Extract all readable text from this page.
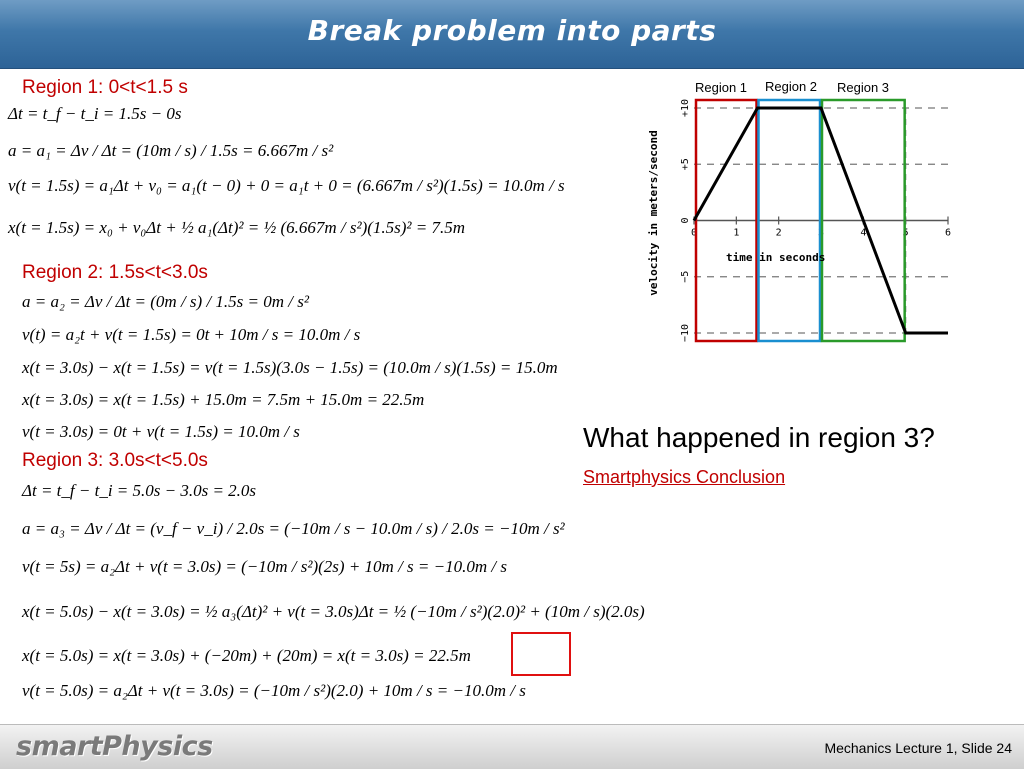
Break problem into parts
Region 1: 0<t<1.5 s
Δt = t_f − t_i = 1.5s − 0s
a = a₁ = Δv / Δt = (10m / s) / 1.5s = 6.667m / s²
v(t = 1.5s) = a₁Δt + v₀ = a₁(t − 0) + 0 = a₁t + 0 = (6.667m / s²)(1.5s) = 10.0m / s
x(t = 1.5s) = x₀ + v₀Δt + ½ a₁(Δt)² = ½ (6.667m / s²)(1.5s)² = 7.5m
Region 2: 1.5s<t<3.0s
a = a₂ = Δv / Δt = (0m / s) / 1.5s = 0m / s²
v(t) = a₂t + v(t = 1.5s) = 0t + 10m / s = 10.0m / s
x(t = 3.0s) − x(t = 1.5s) = v(t = 1.5s)(3.0s − 1.5s) = (10.0m / s)(1.5s) = 15.0m
x(t = 3.0s) = x(t = 1.5s) + 15.0m = 7.5m + 15.0m = 22.5m
v(t = 3.0s) = 0t + v(t = 1.5s) = 10.0m / s
Region 3: 3.0s<t<5.0s
Δt = t_f − t_i = 5.0s − 3.0s = 2.0s
a = a₃ = Δv / Δt = (v_f − v_i) / 2.0s = (−10m / s − 10.0m / s) / 2.0s = −10m / s²
v(t = 5s) = a₂Δt + v(t = 3.0s) = (−10m / s²)(2s) + 10m / s = −10.0m / s
x(t = 5.0s) − x(t = 3.0s) = ½ a₃(Δt)² + v(t = 3.0s)Δt = ½ (−10m / s²)(2.0)² + (10m / s)(2.0s)
x(t = 5.0s) = x(t = 3.0s) + (−20m) + (20m) = x(t = 3.0s) = 22.5m
v(t = 5.0s) = a₂Δt + v(t = 3.0s) = (−10m / s²)(2.0) + 10m / s = −10.0m / s
+10
+5
0
−5
−10
0	1	2	3	4	5	6
velocity in meters/second	time in seconds
Region 1 Region 2 Region 3
What happened in region 3?
Smartphysics Conclusion
smartPhysics	Mechanics Lecture 1, Slide 24
